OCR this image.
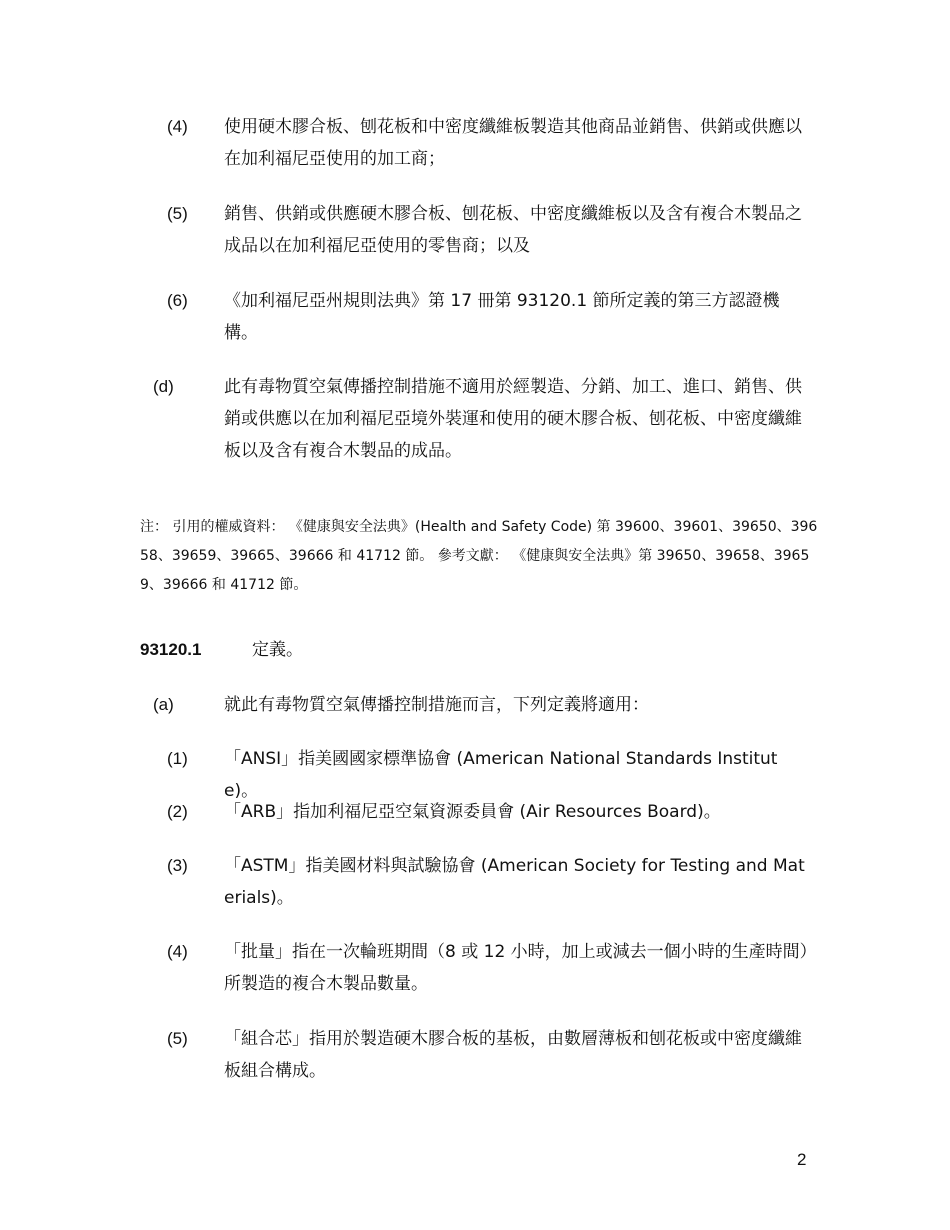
(4) 使用硬木膠合板、刨花板和中密度纖維板製造其他商品並銷售、供銷或供應以在加利福尼亞使用的加工商；
(5) 銷售、供銷或供應硬木膠合板、刨花板、中密度纖維板以及含有複合木製品之成品以在加利福尼亞使用的零售商；以及
(6) 《加利福尼亞州規則法典》第 17 冊第 93120.1 節所定義的第三方認證機構。
(d)	此有毒物質空氣傳播控制措施不適用於經製造、分銷、加工、進口、銷售、供銷或供應以在加利福尼亞境外裝運和使用的硬木膠合板、刨花板、中密度纖維板以及含有複合木製品的成品。
注： 引用的權威資料： 《健康與安全法典》(Health and Safety Code) 第 39600、39601、39650、39658、39659、39665、39666 和 41712 節。 參考文獻： 《健康與安全法典》第 39650、39658、39659、39666 和 41712 節。
93120.1	定義。
(a)	就此有毒物質空氣傳播控制措施而言，下列定義將適用：
(1) 「ANSI」指美國國家標準協會 (American National Standards Institute)。
(2) 「ARB」指加利福尼亞空氣資源委員會 (Air Resources Board)。
(3) 「ASTM」指美國材料與試驗協會 (American Society for Testing and Materials)。
(4) 「批量」指在一次輪班期間（8 或 12 小時，加上或減去一個小時的生產時間）所製造的複合木製品數量。
(5) 「組合芯」指用於製造硬木膠合板的基板，由數層薄板和刨花板或中密度纖維板組合構成。
2
